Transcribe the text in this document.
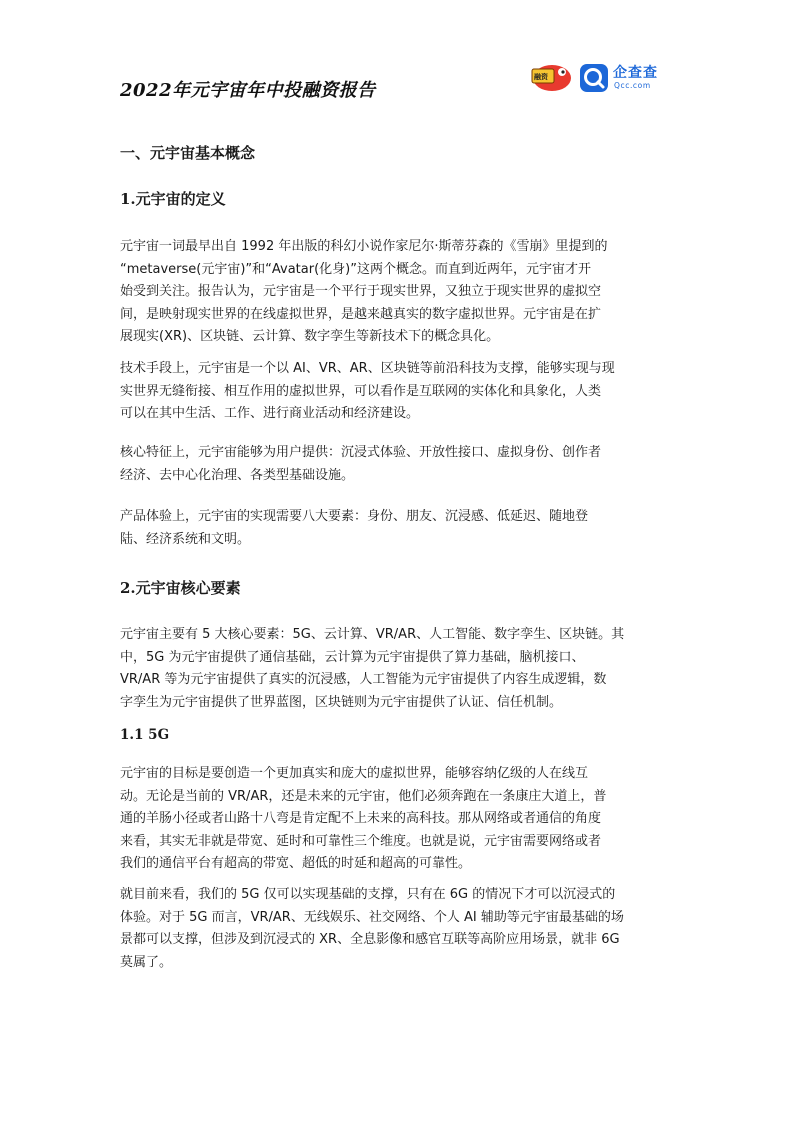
2022年元宇宙年中投融资报告
融资	企查查
Qcc.com
一、元宇宙基本概念
1.元宇宙的定义
元宇宙一词最早出自 1992 年出版的科幻小说作家尼尔·斯蒂芬森的《雪崩》里提到的
“metaverse(元宇宙)”和“Avatar(化身)”这两个概念。而直到近两年，元宇宙才开
始受到关注。报告认为，元宇宙是一个平行于现实世界，又独立于现实世界的虚拟空
间，是映射现实世界的在线虚拟世界，是越来越真实的数字虚拟世界。元宇宙是在扩
展现实(XR)、区块链、云计算、数字孪生等新技术下的概念具化。
技术手段上，元宇宙是一个以 AI、VR、AR、区块链等前沿科技为支撑，能够实现与现
实世界无缝衔接、相互作用的虚拟世界，可以看作是互联网的实体化和具象化，人类
可以在其中生活、工作、进行商业活动和经济建设。
核心特征上，元宇宙能够为用户提供：沉浸式体验、开放性接口、虚拟身份、创作者
经济、去中心化治理、各类型基础设施。
产品体验上，元宇宙的实现需要八大要素：身份、朋友、沉浸感、低延迟、随地登
陆、经济系统和文明。
2.元宇宙核心要素
元宇宙主要有 5 大核心要素：5G、云计算、VR/AR、人工智能、数字孪生、区块链。其
中，5G 为元宇宙提供了通信基础，云计算为元宇宙提供了算力基础，脑机接口、
VR/AR 等为元宇宙提供了真实的沉浸感，人工智能为元宇宙提供了内容生成逻辑，数
字孪生为元宇宙提供了世界蓝图，区块链则为元宇宙提供了认证、信任机制。
1.1 5G
元宇宙的目标是要创造一个更加真实和庞大的虚拟世界，能够容纳亿级的人在线互
动。无论是当前的 VR/AR，还是未来的元宇宙，他们必须奔跑在一条康庄大道上，普
通的羊肠小径或者山路十八弯是肯定配不上未来的高科技。那从网络或者通信的角度
来看，其实无非就是带宽、延时和可靠性三个维度。也就是说，元宇宙需要网络或者
我们的通信平台有超高的带宽、超低的时延和超高的可靠性。
就目前来看，我们的 5G 仅可以实现基础的支撑，只有在 6G 的情况下才可以沉浸式的
体验。对于 5G 而言，VR/AR、无线娱乐、社交网络、个人 AI 辅助等元宇宙最基础的场
景都可以支撑，但涉及到沉浸式的 XR、全息影像和感官互联等高阶应用场景，就非 6G
莫属了。
